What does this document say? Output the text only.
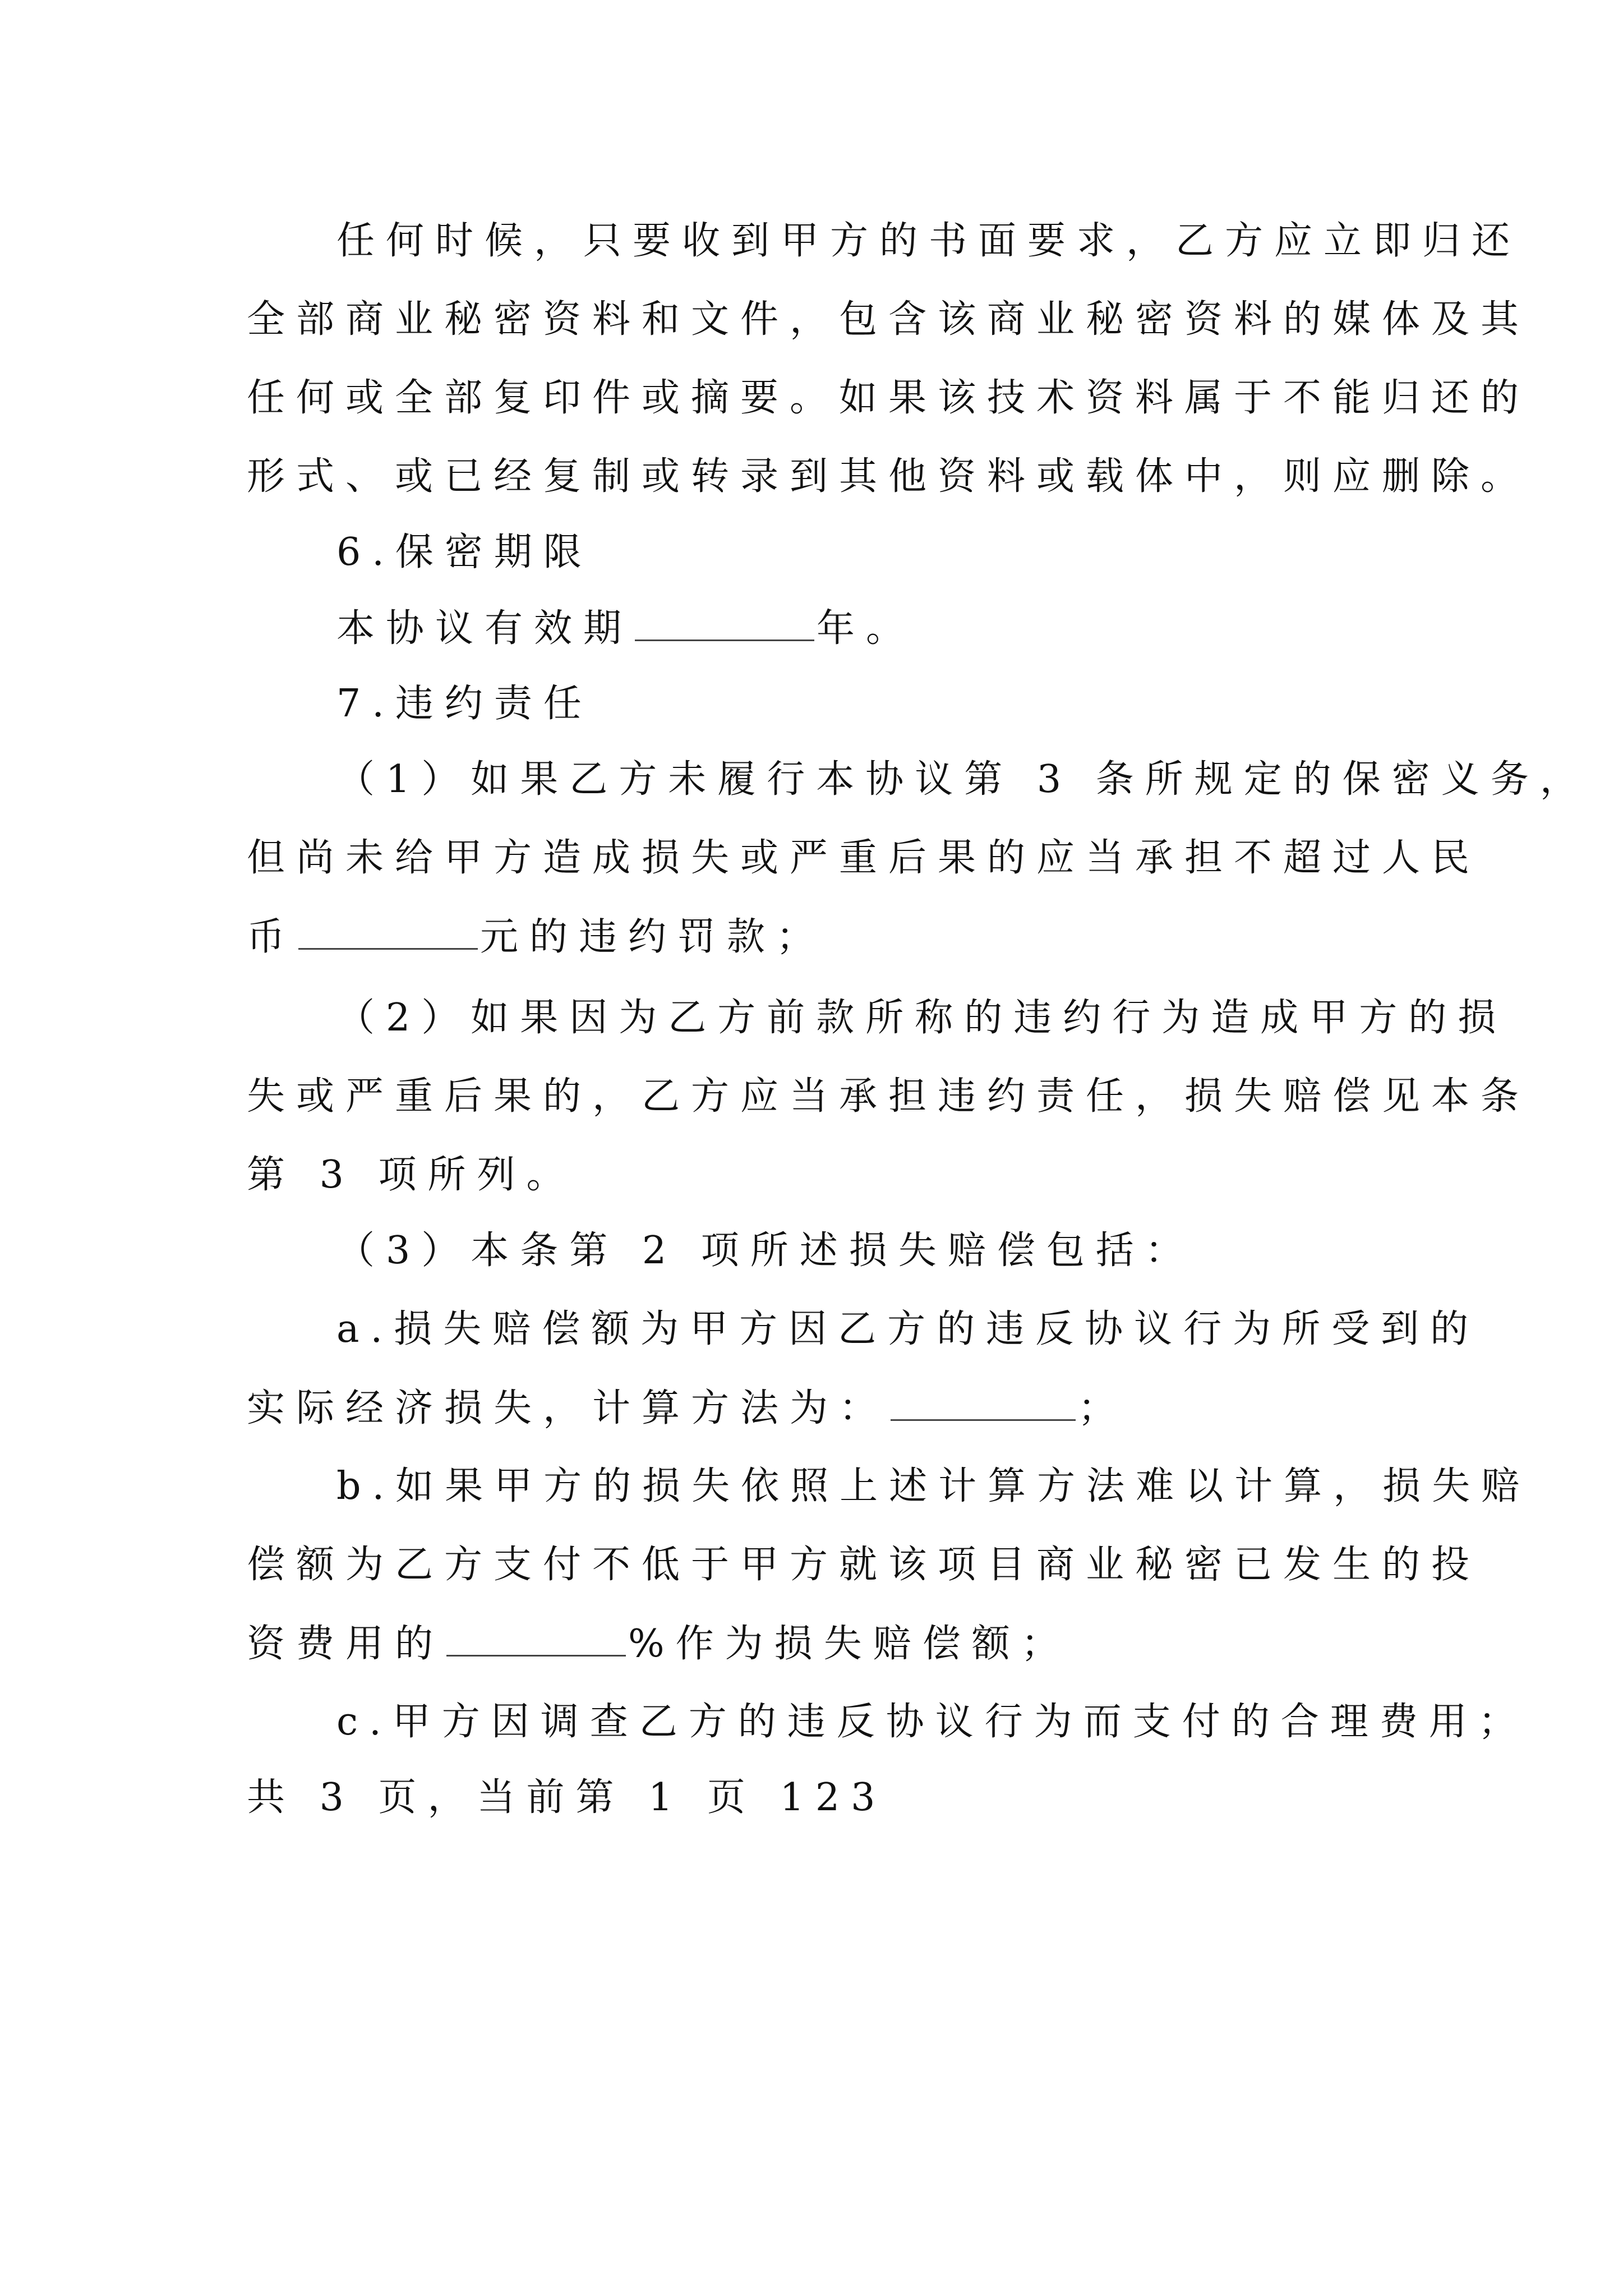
任何时候，只要收到甲方的书面要求，乙方应立即归还
全部商业秘密资料和文件，包含该商业秘密资料的媒体及其
任何或全部复印件或摘要。如果该技术资料属于不能归还的
形式、或已经复制或转录到其他资料或载体中，则应删除。
6.保密期限
本协议有效期	年。
7.违约责任
（1）如果乙方未履行本协议第 3 条所规定的保密义务，
但尚未给甲方造成损失或严重后果的应当承担不超过人民
币	元的违约罚款；
（2）如果因为乙方前款所称的违约行为造成甲方的损
失或严重后果的，乙方应当承担违约责任，损失赔偿见本条
第 3 项所列。
（3）本条第 2 项所述损失赔偿包括：
a.损失赔偿额为甲方因乙方的违反协议行为所受到的
实际经济损失，计算方法为：	；
b.如果甲方的损失依照上述计算方法难以计算，损失赔
偿额为乙方支付不低于甲方就该项目商业秘密已发生的投
资费用的	%作为损失赔偿额；
c.甲方因调查乙方的违反协议行为而支付的合理费用；
共 3 页，当前第 1 页 123
